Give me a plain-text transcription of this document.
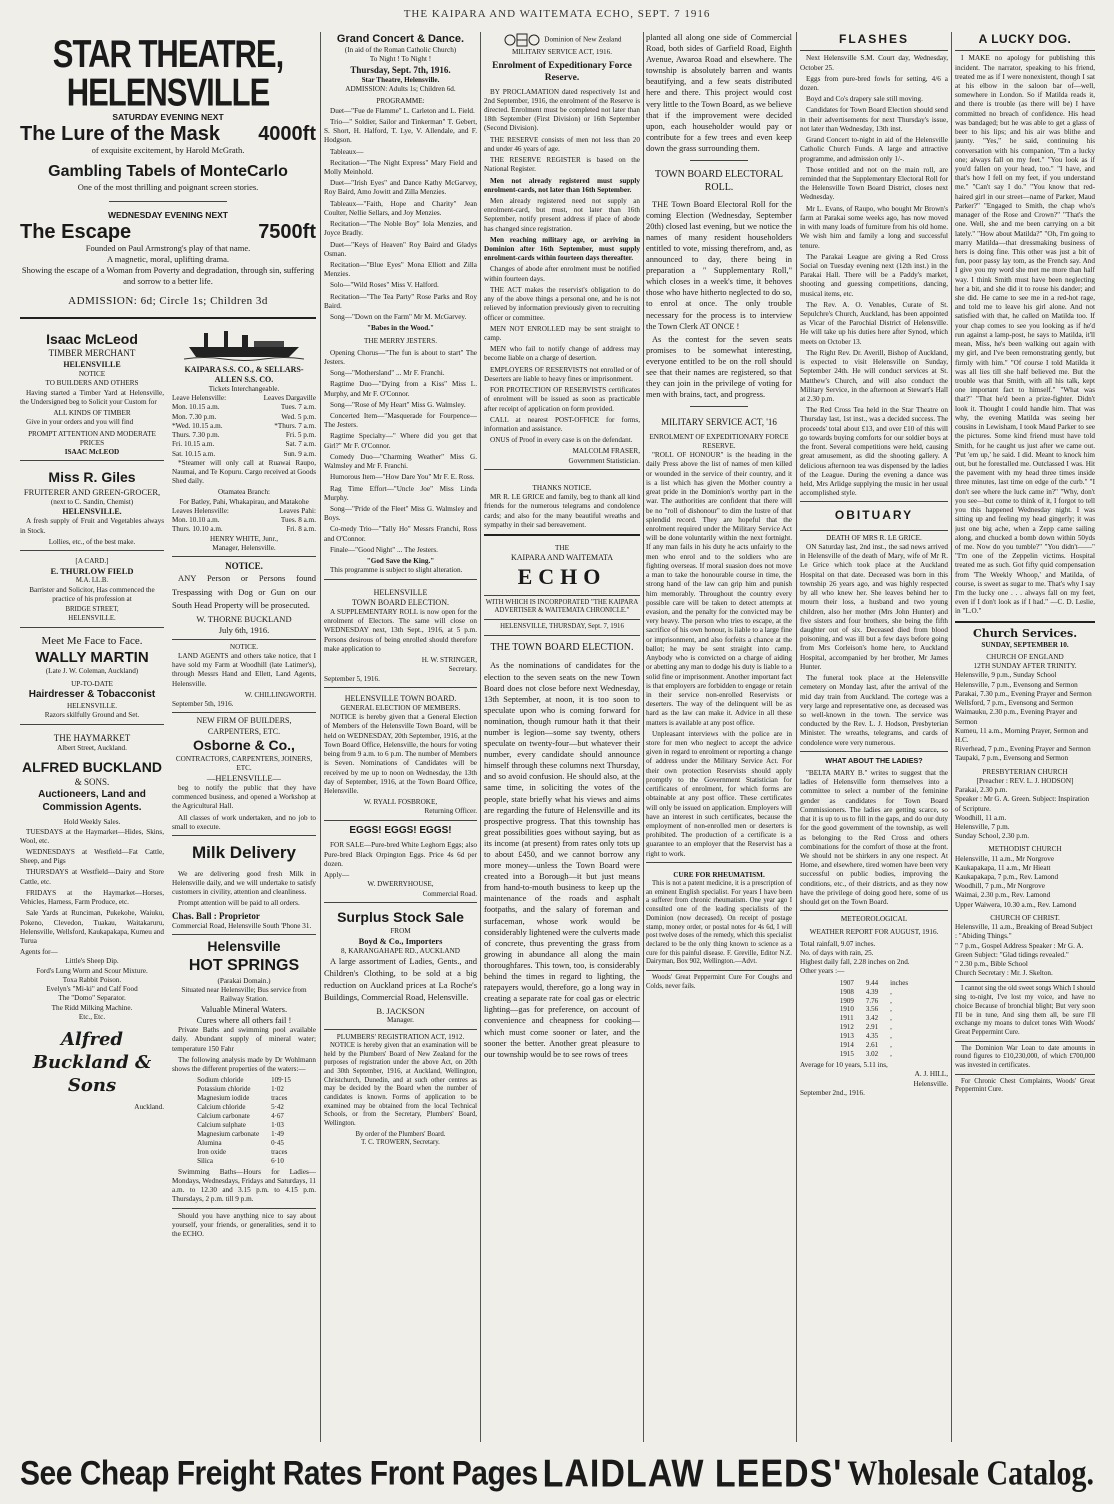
THE KAIPARA AND WAITEMATA ECHO, SEPT. 7 1916
STAR THEATRE, HELENSVILLE
SATURDAY EVENING NEXT
The Lure of the Mask 4000ft
of exquisite excitement, by Harold McGrath.
Gambling Tabels of MonteCarlo
One of the most thrilling and poignant screen stories.
WEDNESDAY EVENING NEXT
The Escape	7500ft
Founded on Paul Armstrong's play of that name.
A magnetic, moral, uplifting drama.
Showing the escape of a Woman from Poverty and degradation, through sin, suffering and sorrow to a better life.
ADMISSION: 6d; Circle 1s; Children 3d
Isaac McLeod
TIMBER MERCHANT
HELENSVILLE
NOTICE
TO BUILDERS AND OTHERS

Having started a Timber Yard at Helensville, the Undersigned beg to Solicit your Custom for

ALL KINDS OF TIMBER

Give in your orders and you will find

PROMPT ATTENTION AND MODERATE PRICES
ISAAC McLEOD
Miss R. Giles
FRUITERER AND GREEN-GROCER,
(next to C. Sandin, Chemist)
HELENSVILLE.

A fresh supply of Fruit and Vegetables always in Stock.

Lollies, etc., of the best make.
[A CARD.]
E. THURLOW FIELD
M.A. LL.B.

Barrister and Solicitor, Has commenced the practice of his profession at

BRIDGE STREET,
HELENSVILLE.
Meet Me Face to Face.
WALLY MARTIN
(Late J. W. Coleman, Auckland)
UP-TO-DATE
Hairdresser & Tobacconist
HELENSVILLE.
Razors skilfully Ground and Set.
THE HAYMARKET
Albert Street, Auckland.
ALFRED BUCKLAND
& SONS.
Auctioneers, Land and Commission Agents.
Hold Weekly Sales.

TUESDAYS at the Haymarket—Hides, Skins, Wool, etc.

WEDNESDAYS at Westfield—Fat Cattle, Sheep, and Pigs

THURSDAYS at Westfield—Dairy and Store Cattle, etc.

FRIDAYS at the Haymarket—Horses, Vehicles, Harness, Farm Produce, etc.

Sale Yards at Runciman, Pukekohe, Waiuku, Pokeno, Clevedon, Tuakau, Waitakaruru, Helensville, Wellsford, Kaukapakapa, Kumeu and Turua

Agents for—
Little's Sheep Dip.
Ford's Lung Worm and Scour Mixture.
Toxa Rabbit Poison.
Evelyn's "Mi-ki" and Calf Food
The "Domo" Separator.
The Ridd Milking Machine.
Etc., Etc.
Alfred Buckland & Sons
Auckland.
KAIPARA S.S. CO., & SELLARS-ALLEN S.S. CO.
Tickets Interchangeable.
Leave Helensville:	Leaves Dargaville
Mon. 10.15 a.m.	Tues. 7 a.m.
Mon. 7.30 p.m.	Wed. 5 p.m.
*Wed. 10.15 a.m.	*Thurs. 7 a.m.
Thurs. 7.30 p.m.	Fri. 5 p.m.
Fri. 10.15 a.m.	Sat. 7 a.m.
Sat. 10.15 a.m.	Sun. 9 a.m.

*Steamer will only call at Ruawai Raupo, Naumai, and Te Kopuru. Cargo received at Goods Shed daily.

Otamatea Branch:
For Batley, Pahi, Whakapirau, and Matakohe
Leaves Helensville:	Leaves Pahi:
Mon. 10.10 a.m.	Tues. 8 a.m.
Thurs. 10.10 a.m.	Fri. 8 a.m.
HENRY WHITE, Junr.,
Manager, Helensville.
NOTICE.

ANY Person or Persons found Trespassing with Dog or Gun on our South Head Property will be prosecuted.

W. THORNE BUCKLAND
July 6th, 1916.
NOTICE.

LAND AGENTS and others take notice, that I have sold my Farm at Woodhill (late Latimer's), through Messrs Hand and Ellett, Land Agents, Helensville.

W. CHILLINGWORTH.
September 5th, 1916.
NEW FIRM OF BUILDERS, CARPENTERS, ETC.
Osborne & Co.,
CONTRACTORS, CARPENTERS, JOINERS, ETC.
—HELENSVILLE—

beg to notify the public that they have commenced business, and opened a Workshop at the Agricultural Hall.

All classes of work undertaken, and no job to small to execute.

Milk Delivery

We are delivering good fresh Milk in Helensville daily, and we will undertake to satisfy customers in civility, attention and cleanliness.

Prompt attention will be paid to all orders.

Chas. Ball : Proprietor
Commercial Road, Helensville South 'Phone 31.
Helensville
HOT SPRINGS
(Parakai Domain.)
Situated near Helensville; Bus service from Railway Station.
Valuable Mineral Waters.
Cures where all others fail !

Private Baths and swimming pool available daily. Abundant supply of mineral water; temperature 150 Fahr

The following analysis made by Dr Wohlmann shows the different properties of the waters:—

Sodium chloride	109·15
Potassium chloride	1·02
Magnesium iodide	traces
Calcium chloride	5·42
Calcium carbonate	4·67
Calcium sulphate	1·03
Magnesium carbonate	1·49
Alumina	0·45
Iron oxide	traces
Silica	6·10

Swimming Baths—Hours for Ladies—Mondays, Wednesdays, Fridays and Saturdays, 11 a.m. to 12.30 and 3.15 p.m. to 4.15 p.m. Thursdays, 2 p.m. till 9 p.m.

Should you have anything nice to say about yourself, your friends, or generalities, send it to the ECHO.

Grand Concert & Dance.
(In aid of the Roman Catholic Church)
To Night ! To Night !
Thursday, Sept. 7th, 1916.
Star Theatre, Helensville.
ADMISSION: Adults 1s; Children 6d.
PROGRAMME:

Duet—"Fue de Flamme" L. Carleton and L. Field.

Trio—" Soldier, Sailor and Tinkerman" T. Gebert, S. Short, H. Halford, T. Lye, V. Allendale, and F. Hodgson.

Tableaux—

Recitation—"The Night Express" Mary Field and Molly Meinhold.

Duet—"Irish Eyes" and Dance Kathy McGarvey, Roy Baird, Amo Jowitt and Zilla Menzies.

Tableaux—"Faith, Hope and Charity" Jean Coulter, Nellie Sellars, and Joy Menzies.

Recitation—"The Noble Boy" Iola Menzies, and Joyce Bradly.

Duet—"Keys of Heaven" Roy Baird and Gladys Osman.

Recitation—"Blue Eyes" Mona Elliott and Zilla Menzies.

Solo—"Wild Roses" Miss V. Halford.

Recitation—"The Tea Party" Rose Parks and Roy Baird.

Song—"Down on the Farm" Mr M. McGarvey.

"Babes in the Wood."
THE MERRY JESTERS.

Opening Chorus—"The fun is about to start" The Jesters.

Song—"Mothersland" ... Mr F. Franchi.

Ragtime Duo—"Dying from a Kiss" Miss L. Murphy, and Mr F. O'Connor.

Song—"Rose of My Heart" Miss G. Walmsley.

Concerted Item—"Masquerade for Fourpence—The Jesters.

Ragtime Specialty—" Where did you get that Girl?" Mr F. O'Connor.

Comedy Duo—"Charming Weather" Miss G. Walmsley and Mr F. Franchi.

Humorous Item—"How Dare You" Mr F. E. Ross.

Rag Time Effort—"Uncle Joe" Miss Linda Murphy.

Song—"Pride of the Fleet" Miss G. Walmsley and Boys.

Co-medy Trio—"Tally Ho" Messrs Franchi, Ross and O'Connor.

Finale—"Good Night" ... The Jesters.

"God Save the King."

This programme is subject to slight alteration.

HELENSVILLE
TOWN BOARD ELECTION.

A SUPPLEMENTARY ROLL is now open for the enrolment of Electors. The same will close on WEDNESDAY next, 13th Sept., 1916, at 5 p.m. Persons desirous of being enrolled should therefore make application to

H. W. STRINGER,
Secretary.
September 5, 1916.
HELENSVILLE TOWN BOARD.
GENERAL ELECTION OF MEMBERS.

NOTICE is hereby given that a General Election of Members of the Helensville Town Board, will be held on WEDNESDAY, 20th September, 1916, at the Town Board Office, Helensville, the hours for voting being from 9 a.m. to 6 p.m. The number of Members is Seven. Nominations of Candidates will be received by me up to noon on Wednesday, the 13th day of September, 1916, at the Town Board Office, Helensville.

W. RYALL FOSBROKE,
Returning Officer.
EGGS! EGGS! EGGS!

FOR SALE—Pure-bred White Leghorn Eggs; also Pure-bred Black Orpington Eggs. Price 4s 6d per dozen.

Apply—
W. DWERRYHOUSE,
Commercial Road.
Surplus Stock Sale
FROM
Boyd & Co., Importers
8, KARANGAHAPE RD., AUCKLAND

A large assortment of Ladies, Gents., and Children's Clothing, to be sold at a big reduction on Auckland prices at La Roche's Buildings, Commercial Road, Helensville.

B. JACKSON
Manager.
PLUMBERS' REGISTRATION ACT, 1912.

NOTICE is hereby given that an examination will be held by the Plumbers' Board of New Zealand for the purposes of registration under the above Act, on 20th and 30th September, 1916, at Auckland, Wellington, Christchurch, Dunedin, and at such other centres as may be decided by the Board when the number of candidates is known. Forms of application to be examined may be obtained from the local Technical Schools, or from the Secretary, Plumbers' Board, Wellington.

By order of the Plumbers' Board.
T. C. TROWERN, Secretary.
Dominion of New Zealand
MILITARY SERVICE ACT, 1916.
Enrolment of Expeditionary Force Reserve.

BY PROCLAMATION dated respectively 1st and 2nd September, 1916, the enrolment of the Reserve is directed. Enrolment must be completed not later than 18th September (First Division) or 16th September (Second Division).

THE RESERVE consists of men not less than 20 and under 46 years of age.

THE RESERVE REGISTER is based on the National Register.

Men not already registered must supply enrolment-cards, not later than 16th September.

Men already registered need not supply an enrolment-card, but must, not later than 16th September, notify present address if place of abode has changed since registration.

Men reaching military age, or arriving in Dominion after 16th September, must supply enrolment-cards within fourteen days thereafter.

Changes of abode after enrolment must be notified within fourteen days.

THE ACT makes the reservist's obligation to do any of the above things a personal one, and he is not relieved by information previously given to recruiting officer or committee.

MEN NOT ENROLLED may be sent straight to camp.

MEN who fail to notify change of address may become liable on a charge of desertion.

EMPLOYERS OF RESERVISTS not enrolled or of Deserters are liable to heavy fines or imprisonment.

FOR PROTECTION OF RESERVISTS certificates of enrolment will be issued as soon as practicable after receipt of application on form provided.

CALL at nearest POST-OFFICE for forms, information and assistance.

ONUS of Proof in every case is on the defendant.

MALCOLM FRASER,
Government Statistician.
THANKS NOTICE.

MR R. LE GRICE and family, beg to thank all kind friends for the numerous telegrams and condolence cards; and also for the many beautiful wreaths and sympathy in their sad bereavement.

THE
KAIPARA AND WAITEMATA
ECHO
WITH WHICH IS INCORPORATED "THE KAIPARA ADVERTISER & WAITEMATA CHRONICLE."
HELENSVILLE, THURSDAY, Sept. 7, 1916
THE TOWN BOARD ELECTION.

As the nominations of candidates for the election to the seven seats on the new Town Board does not close before next Wednesday, 13th September, at noon, it is too soon to speculate upon who is coming forward for nomination, though rumour hath it that their number is legion—some say twenty, others speculate on twenty-four—but whatever their number, every candidate should announce himself through these columns next Thursday, and so avoid confusion. He should also, at the same time, in soliciting the votes of the people, state briefly what his views and aims are regarding the future of Helensville and its prospective progress. That this township has great possibilities goes without saying, but as its income (at present) from rates only tots up to about £450, and we cannot borrow any more money—unless the Town Board were created into a Borough—it but just means from hand-to-mouth business to keep up the maintenance of the roads and asphalt footpaths, and the salary of foreman and surfaceman, whose work would be considerably lightened were the culverts made of concrete, thus preventing the grass from growing in abundance all along the main thoroughfares. This town, too, is considerably behind the times in regard to lighting, the ratepayers would, therefore, go a long way in creating a separate rate for coal gas or electric lighting—gas for preference, on account of convenience and cheapness for cooking—which must come sooner or later, and the sooner the better. Another great pleasure to our township would be to see rows of trees

planted all along one side of Commercial Road, both sides of Garfield Road, Eighth Avenue, Awaroa Road and elsewhere. The township is absolutely barren and wants beautifying, and a few seats distributed here and there. This project would cost very little to the Town Board, as we believe that if the improvement were decided upon, each householder would pay or contribute for a few trees and even keep down the grass surrounding them.

TOWN BOARD ELECTORAL ROLL.

THE Town Board Electoral Roll for the coming Election (Wednesday, September 20th) closed last evening, but we notice the names of many resident householders entitled to vote, missing therefrom, and, as announced to day, there being in preparation a " Supplementary Roll," which closes in a week's time, it behoves those who have hitherto neglected to do so, to enrol at once. The only trouble necessary for the process is to interview the Town Clerk AT ONCE !

As the contest for the seven seats promises to be somewhat interesting, everyone entitled to be on the roll should see that their names are registered, so that they can join in the privilege of voting for men with brains, tact, and progress.

MILITARY SERVICE ACT, '16
ENROLMENT OF EXPEDITIONARY FORCE RESERVE.

"ROLL OF HONOUR" is the heading in the daily Press above the list of names of men killed or wounded in the service of their country, and it is a list which has given the Mother country a great pride in the Dominion's worthy part in the war. The authorities are confident that there will be no "roll of dishonour" to dim the lustre of that splendid record. They are hopeful that the enrolment required under the Military Service Act will be done voluntarily within the next fortnight. If any man fails in his duty he acts unfairly to the men who enrol and to the soldiers who are fighting overseas. If moral suasion does not move a man to take the honourable course in time, the strong hand of the law can grip him and punish him memorably. Throughout the country every possible care will be taken to detect attempts at evasion, and the penalty for the convicted may be very heavy. The person who tries to escape, at the sacrifice of his own honour, is liable to a large fine or imprisonment, and also forfeits a chance at the ballot; he may be sent straight into camp. Anybody who is convicted on a charge of aiding or abetting any man to dodge his duty is liable to a solid fine or imprisonment. Another important fact is that employers are forbidden to engage or retain in their service non-enrolled Reservists or deserters. The way of the delinquent will be as hard as the law can make it. Advice in all these matters is available at any post office.

Unpleasant interviews with the police are in store for men who neglect to accept the advice given in regard to enrolment or reporting a change of address under the Military Service Act. For their own protection Reservists should apply promptly to the Government Statistician for certificates of enrolment, for which forms are obtainable at any post office. These certificates will only be issued on application. Employers will have an interest in such certificates, because the employment of non-enrolled men or deserters is prohibited. The production of a certificate is a guarantee to an employer that the Reservist has a right to work.

CURE FOR RHEUMATISM.

This is not a patent medicine, it is a prescription of an eminent English specialist. For years I have been a sufferer from chronic rheumatism. One year ago I consulted one of the leading specialists of the Dominion (now deceased). On receipt of postage stamp, money order, or postal notes for 4s 6d, I will post twelve doses of the remedy, which this specialist declared to be the only thing known to science as a cure for this painful disease. F. Greville, Editor N.Z. Dairyman, Box 902, Wellington.—Advt.

Woods' Great Peppermint Cure For Coughs and Colds, never fails.

FLASHES

Next Helensville S.M. Court day, Wednesday, October 25.

Eggs from pure-bred fowls for setting, 4/6 a dozen.

Boyd and Co's drapery sale still moving.

Candidates for Town Board Election should send in their advertisements for next Thursday's issue, not later than Wednesday, 13th inst.

Grand Concert to-night in aid of the Helensville Catholic Church Funds. A large and attractive programme, and admission only 1/-.

Those entitled and not on the main roll, are reminded that the Supplementary Electoral Roll for the Helensville Town Board District, closes next Wednesday.

Mr L. Evans, of Raupo, who bought Mr Brown's farm at Parakai some weeks ago, has now moved in with many loads of furniture from his old home. We wish him and family a long and successful tenure.

The Parakai League are giving a Red Cross Social on Tuesday evening next (12th inst.) in the Parakai Hall. There will be a Paddy's market, shooting and guessing competitions, dancing, musical items, etc.

The Rev. A. O. Venables, Curate of St. Sepulchre's Church, Auckland, has been appointed as Vicar of the Parochial District of Helensville. He will take up his duties here after Synod, which meets on October 13.

The Right Rev. Dr. Averill, Bishop of Auckland, is expected to visit Helensville on Sunday, September 24th. He will conduct services at St. Matthew's Church, and will also conduct the Military Service, in the afternoon at Stewart's Hall at 2.30 p.m.

The Red Cross Tea held in the Star Theatre on Thursday last, 1st inst., was a decided success. The proceeds' total about £13, and over £10 of this will go towards buying comforts for our soldier boys at the front. Several competitions were held, causing great amusement, as did the shooting gallery. A delicious afternoon tea was dispensed by the ladies of the League. During the evening a dance was held, Mrs Arlidge supplying the music in her usual accomplished style.

OBITUARY
DEATH OF MRS R. LE GRICE.

ON Saturday last, 2nd inst., the sad news arrived in Helensville of the death of Mary, wife of Mr R. Le Grice which took place at the Auckland Hospital on that date. Deceased was born in this township 26 years ago, and was highly respected by all who knew her. She leaves behind her to mourn their loss, a husband and two young children, also her mother (Mrs John Hunter) and five sisters and four brothers, she being the fifth daughter out of six. Deceased died from blood poisoning, and was ill but a few days before going from Mrs Corleison's home here, to Auckland Hospital, accompanied by her brother, Mr James Hunter.

The funeral took place at the Helensville cemetery on Monday last, after the arrival of the mid day train from Auckland. The cortege was a very large and representative one, as deceased was so well-known in the town. The service was conducted by the Rev. L. J. Hodson, Presbyterian Minister. The wreaths, telegrams, and cards of condolence were very numerous.

WHAT ABOUT THE LADIES?

"BELTA MARY B." writes to suggest that the ladies of Helensville form themselves into a committee to select a number of the feminine gender as candidates for Town Board Commissioners. The ladies are getting scarce, so that it is up to us to fill in the gaps, and do our duty for the good government of the township, as well as belonging to the Red Cross and others combinations for the comfort of those at the front. We should not be shirkers in any one respect. At Home, and elsewhere, tired women have been very successful on public bodies, improving the conditions, etc., of their districts, and as they now have the privilege of doing good here, some of us should get on the Town Board.

METEOROLOGICAL
WEATHER REPORT FOR AUGUST, 1916.
Total rainfall, 9.07 inches.
No. of days with rain, 25.
Highest daily fall, 2.28 inches on 2nd.
Other years :—
1907	9.44	inches
1908	4.39	,
1909	7.76	,
1910	3.56	,
1911	3.42	,
1912	2.91	,
1913	4.35	,
1914	2.61	,
1915	3.02	,
Average for 10 years, 5.11 ins,
A. J. HILL,
Helensville.
September 2nd., 1916.
A LUCKY DOG.

I MAKE no apology for publishing this incident. The narrator, speaking to his friend, treated me as if I were nonexistent, though I sat at his elbow in the saloon bar of—well, somewhere in London. So if Matilda reads it, and there is trouble (as there will be) I have committed no breach of confidence. His head was bandaged; but he was able to get a glass of beer to his lips; and his air was blithe and jaunty. "Yes," he said, continuing his conversation with his companion, "I'm a lucky one; always fall on my feet." "You look as if you'd fallen on your head, too." "I have, and that's how I fell on my feet, if you understand me." "Can't say I do." "You know that red-haired girl in our street—name of Parker, Maud Parker?" "Engaged to Smith, the chap who's manager of the Rose and Crown?" "That's the one. Well, she and me been carrying on a bit lately." "How about Matilda?" "Oh, I'm going to marry Matilda—that dressmaking business of hers is doing fine. This other was just a bit of fun, poor passy lay tom, as the French say. And I give you my word she met me more than half way. I think Smith must have been neglecting her a bit, and she did it to rouse his dander; and she did. He came to see me in a red-hot rage, and told me to leave his girl alone. And not satisfied with that, he called on Matilda too. If your chap comes to see you looking as if he'd run against a lamp-post, he says to Matilda, it'll mean, Miss, he's been walking out again with my girl, and I've been remonstrating gently, but firmly with him." "Of course I told Matilda it was all lies till she half believed me. But the trouble was that Smith, with all his talk, kept one important fact to himself." "What was that?" "That he'd been a prize-fighter. Didn't look it. Thought I could handle him. That was why, the evening Matilda was seeing her cousins in Lewisham, I took Maud Parker to see the pictures. Some kind friend must have told Smith, for he caught us just after we came out. 'Put 'em up,' he said. I did. Meant to knock him out, but he forestalled me. Outclassed I was. Hit the pavement with my head three times inside three minutes, last time on edge of the curb." "I don't see where the luck came in?" "Why, don't you see—but come to think of it, I forgot to tell you this happened Wednesday night. I was sitting up and feeling my head gingerly; it was just one big ache, when a Zepp came sailing along, and chucked a bomb down within 50yds of me. Now do you tumble?" "You didn't——" "I'm one of the Zeppelin victims. Hospital treated me as such. Got fifty quid compensation from 'The Weekly Whoop,' and Matilda, of course, is sweet as sugar to me. That's why I say I'm the lucky one . . . always fall on my feet, even if I don't look as if I had." —C. D. Leslie, in "L.O."

Church Services.
SUNDAY, SEPTEMBER 10.
CHURCH OF ENGLAND
12TH SUNDAY AFTER TRINITY.
Helensville, 9 p.m., Sunday School
Helensville, 7 p.m., Evensong and Sermon
Parakai, 7.30 p.m., Evening Prayer and Sermon
Wellsford, 7 p.m., Evensong and Sermon
Waimauku, 2.30 p.m., Evening Prayer and Sermon
Kumeu, 11 a.m., Morning Prayer, Sermon and H.C.
Riverhead, 7 p.m., Evening Prayer and Sermon
Taupaki, 7 p.m., Evensong and Sermon
PRESBYTERIAN CHURCH
[Preacher : REV. L. J. HODSON]
Parakai, 2.30 p.m.
Speaker : Mr G. A. Green. Subject: Inspiration of Scripture.
Woodhill, 11 a.m.
Helensville, 7 p.m.
Sunday School, 2.30 p.m.
METHODIST CHURCH
Helensville, 11 a.m., Mr Norgrove
Kaukapakapa, 11 a.m., Mr Hieatt
Kaukapakapa, 7 p.m., Rev. Lamond
Woodhill, 7 p.m., Mr Norgrove
Waimai, 2.30 p.m., Rev. Lamond
Upper Waiwera, 10.30 a.m., Rev. Lamond
CHURCH OF CHRIST.
Helensville, 11 a.m., Breaking of Bread Subject : "Abiding Things."
" 7 p.m., Gospel Address Speaker : Mr G. A. Green Subject: "Glad tidings revealed."
" 2.30 p.m., Bible School
Church Secretary : Mr. J. Skelton.

I cannot sing the old sweet songs Which I should sing to-night, I've lost my voice, and have no choice Because of bronchial blight; But very soon I'll be in tune, And sing them all, be sure I'll exchange my moans to dulcet tones With Woods' Great Peppermint Cure.

The Dominion War Loan to date amounts in round figures to £10,230,000, of which £700,000 was invested in certificates.

For Chronic Chest Complaints, Woods' Great Peppermint Cure.

See Cheap Freight Rates Front Pages LAIDLAW LEEDS' Wholesale Catalog.
